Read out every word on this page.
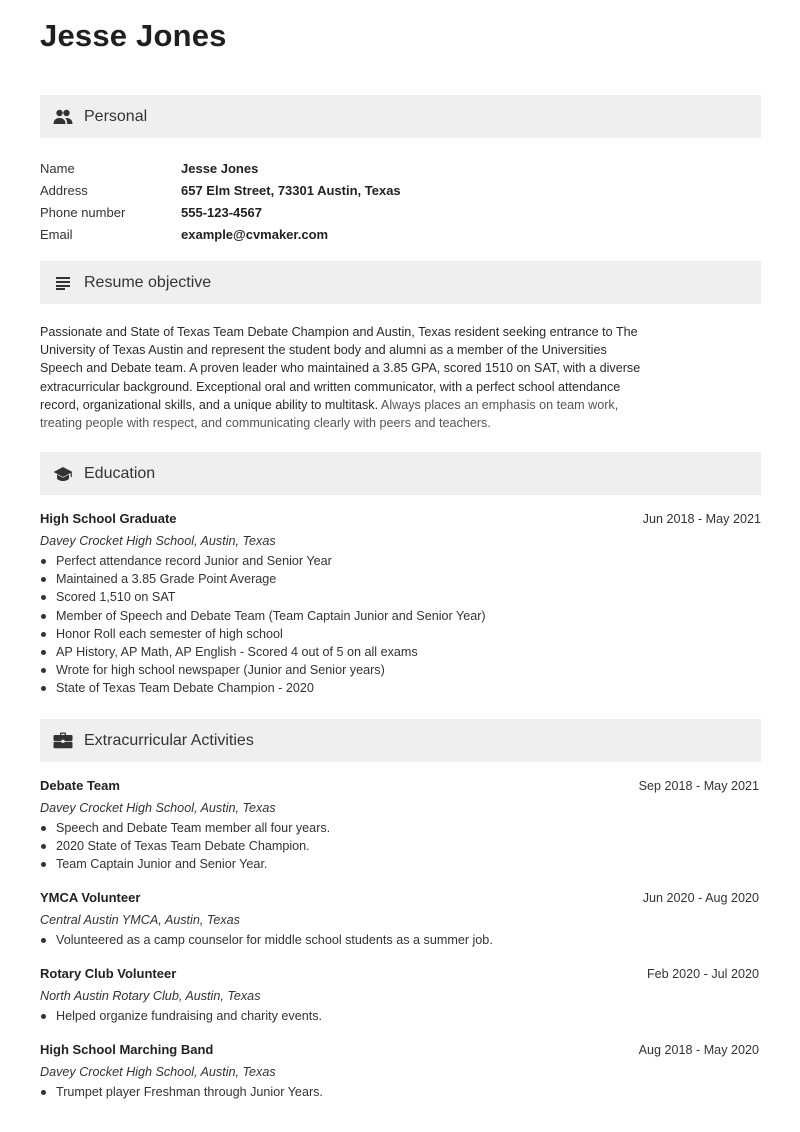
Jesse Jones
Personal
Name	Jesse Jones
Address	657 Elm Street, 73301 Austin, Texas
Phone number	555-123-4567
Email	example@cvmaker.com
Resume objective
Passionate and State of Texas Team Debate Champion and Austin, Texas resident seeking entrance to The University of Texas Austin and represent the student body and alumni as a member of the Universities Speech and Debate team. A proven leader who maintained a 3.85 GPA, scored 1510 on SAT, with a diverse extracurricular background. Exceptional oral and written communicator, with a perfect school attendance record, organizational skills, and a unique ability to multitask. Always places an emphasis on team work, treating people with respect, and communicating clearly with peers and teachers.
Education
High School Graduate	Jun 2018 - May 2021
Davey Crocket High School, Austin, Texas
Perfect attendance record Junior and Senior Year
Maintained a 3.85 Grade Point Average
Scored 1,510 on SAT
Member of Speech and Debate Team (Team Captain Junior and Senior Year)
Honor Roll each semester of high school
AP History, AP Math, AP English - Scored 4 out of 5 on all exams
Wrote for high school newspaper (Junior and Senior years)
State of Texas Team Debate Champion - 2020
Extracurricular Activities
Debate Team	Sep 2018 - May 2021
Davey Crocket High School, Austin, Texas
Speech and Debate Team member all four years.
2020 State of Texas Team Debate Champion.
Team Captain Junior and Senior Year.
YMCA Volunteer	Jun 2020 - Aug 2020
Central Austin YMCA, Austin, Texas
Volunteered as a camp counselor for middle school students as a summer job.
Rotary Club Volunteer	Feb 2020 - Jul 2020
North Austin Rotary Club, Austin, Texas
Helped organize fundraising and charity events.
High School Marching Band	Aug 2018 - May 2020
Davey Crocket High School, Austin, Texas
Trumpet player Freshman through Junior Years.
